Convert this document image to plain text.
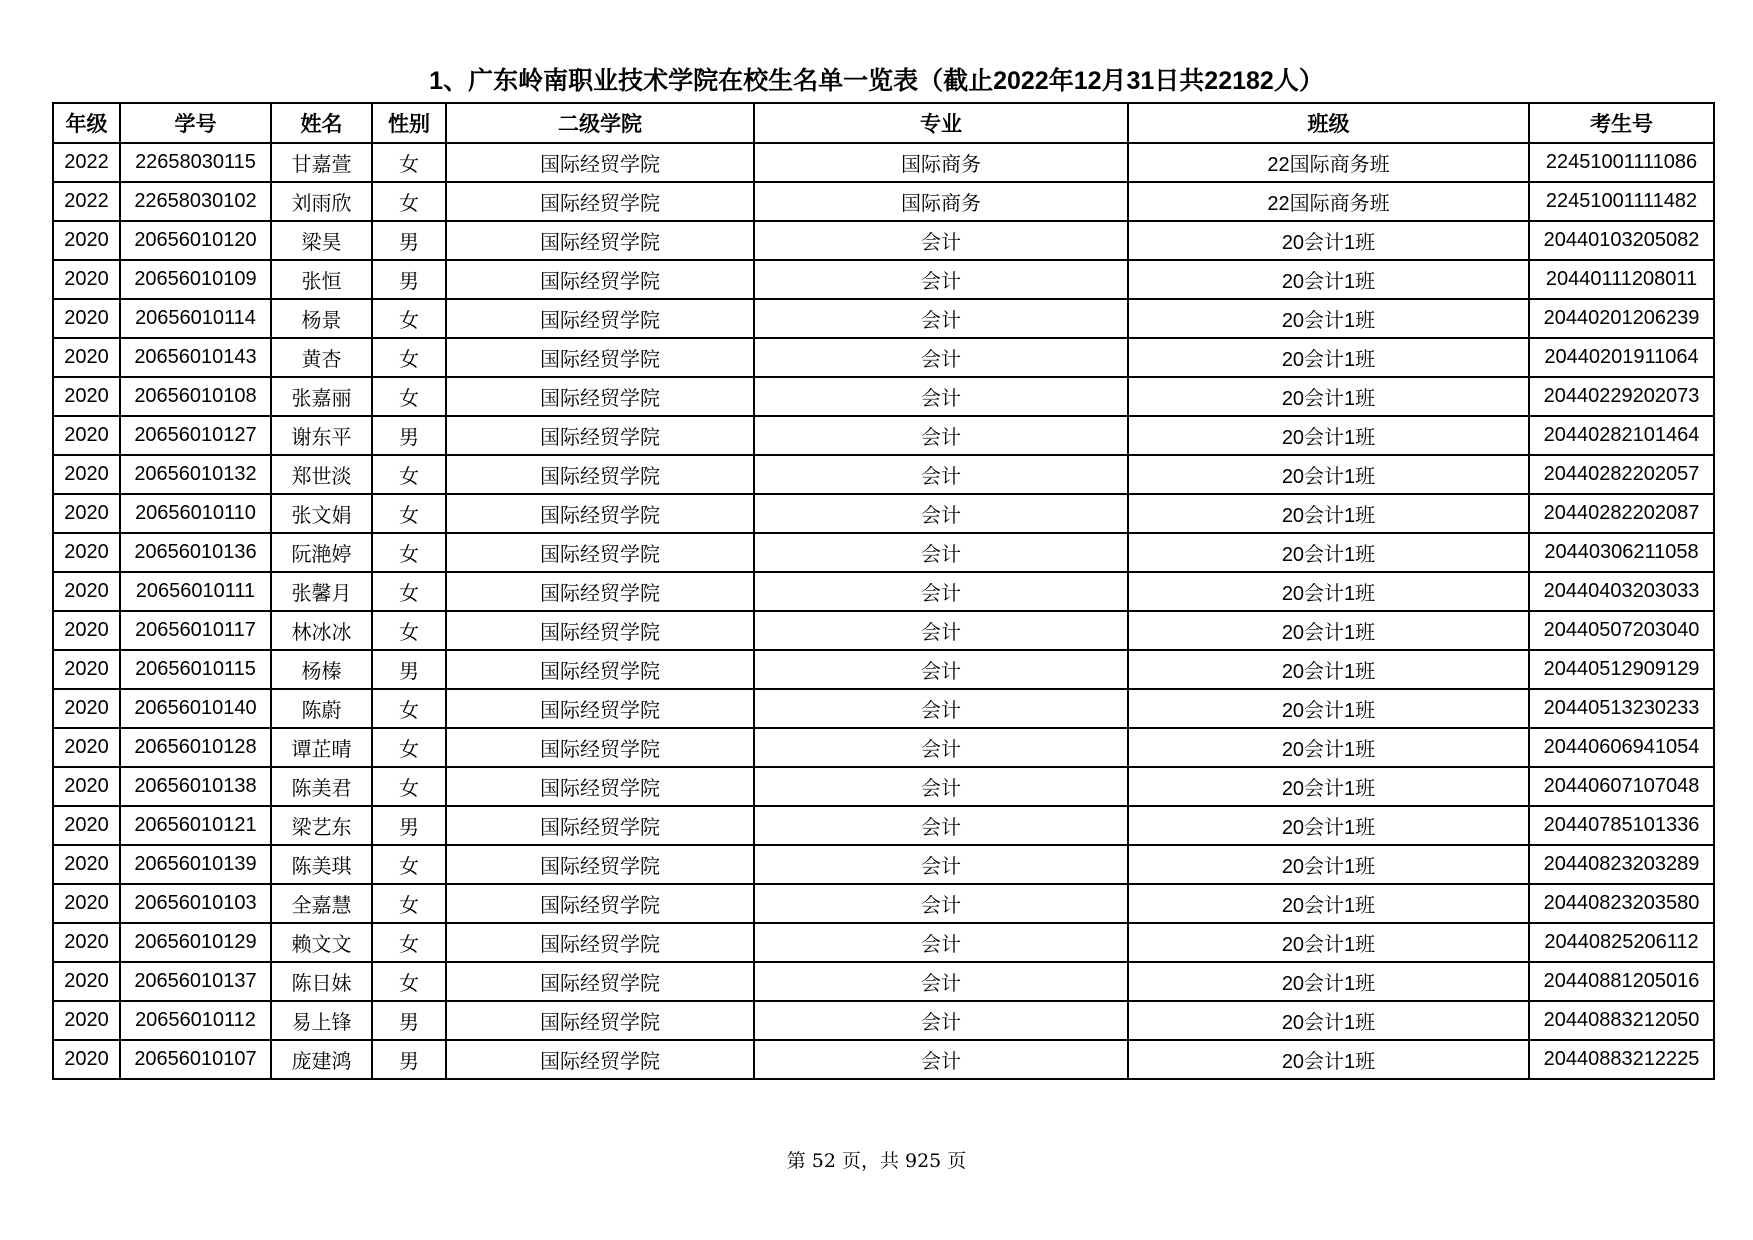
1、广东岭南职业技术学院在校生名单一览表（截止2022年12月31日共22182人）
年级	学号	姓名	性别	二级学院	专业	班级	考生号
2022	22658030115	甘嘉萱	女	国际经贸学院	国际商务	22国际商务班	22451001111086
2022	22658030102	刘雨欣	女	国际经贸学院	国际商务	22国际商务班	22451001111482
2020	20656010120	梁昊	男	国际经贸学院	会计	20会计1班	20440103205082
2020	20656010109	张恒	男	国际经贸学院	会计	20会计1班	20440111208011
2020	20656010114	杨景	女	国际经贸学院	会计	20会计1班	20440201206239
2020	20656010143	黄杏	女	国际经贸学院	会计	20会计1班	20440201911064
2020	20656010108	张嘉丽	女	国际经贸学院	会计	20会计1班	20440229202073
2020	20656010127	谢东平	男	国际经贸学院	会计	20会计1班	20440282101464
2020	20656010132	郑世淡	女	国际经贸学院	会计	20会计1班	20440282202057
2020	20656010110	张文娟	女	国际经贸学院	会计	20会计1班	20440282202087
2020	20656010136	阮滟婷	女	国际经贸学院	会计	20会计1班	20440306211058
2020	20656010111	张馨月	女	国际经贸学院	会计	20会计1班	20440403203033
2020	20656010117	林冰冰	女	国际经贸学院	会计	20会计1班	20440507203040
2020	20656010115	杨榛	男	国际经贸学院	会计	20会计1班	20440512909129
2020	20656010140	陈蔚	女	国际经贸学院	会计	20会计1班	20440513230233
2020	20656010128	谭芷晴	女	国际经贸学院	会计	20会计1班	20440606941054
2020	20656010138	陈美君	女	国际经贸学院	会计	20会计1班	20440607107048
2020	20656010121	梁艺东	男	国际经贸学院	会计	20会计1班	20440785101336
2020	20656010139	陈美琪	女	国际经贸学院	会计	20会计1班	20440823203289
2020	20656010103	全嘉慧	女	国际经贸学院	会计	20会计1班	20440823203580
2020	20656010129	赖文文	女	国际经贸学院	会计	20会计1班	20440825206112
2020	20656010137	陈日妹	女	国际经贸学院	会计	20会计1班	20440881205016
2020	20656010112	易上锋	男	国际经贸学院	会计	20会计1班	20440883212050
2020	20656010107	庞建鸿	男	国际经贸学院	会计	20会计1班	20440883212225
第 52 页，共 925 页
